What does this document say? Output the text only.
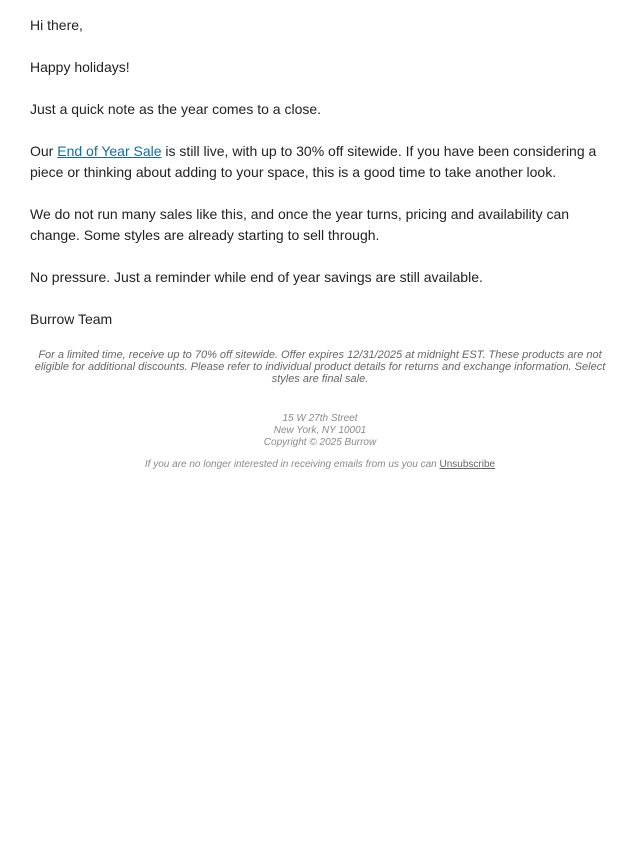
Hi there,

Happy holidays!

Just a quick note as the year comes to a close.

Our End of Year Sale is still live, with up to 30% off sitewide. If you have been considering a piece or thinking about adding to your space, this is a good time to take another look.

We do not run many sales like this, and once the year turns, pricing and availability can change. Some styles are already starting to sell through.

No pressure. Just a reminder while end of year savings are still available.

Burrow Team

For a limited time, receive up to 70% off sitewide. Offer expires 12/31/2025 at midnight EST. These products are not eligible for additional discounts. Please refer to individual product details for returns and exchange information. Select styles are final sale.
15 W 27th Street
New York, NY 10001
Copyright © 2025 Burrow
If you are no longer interested in receiving emails from us you can Unsubscribe
